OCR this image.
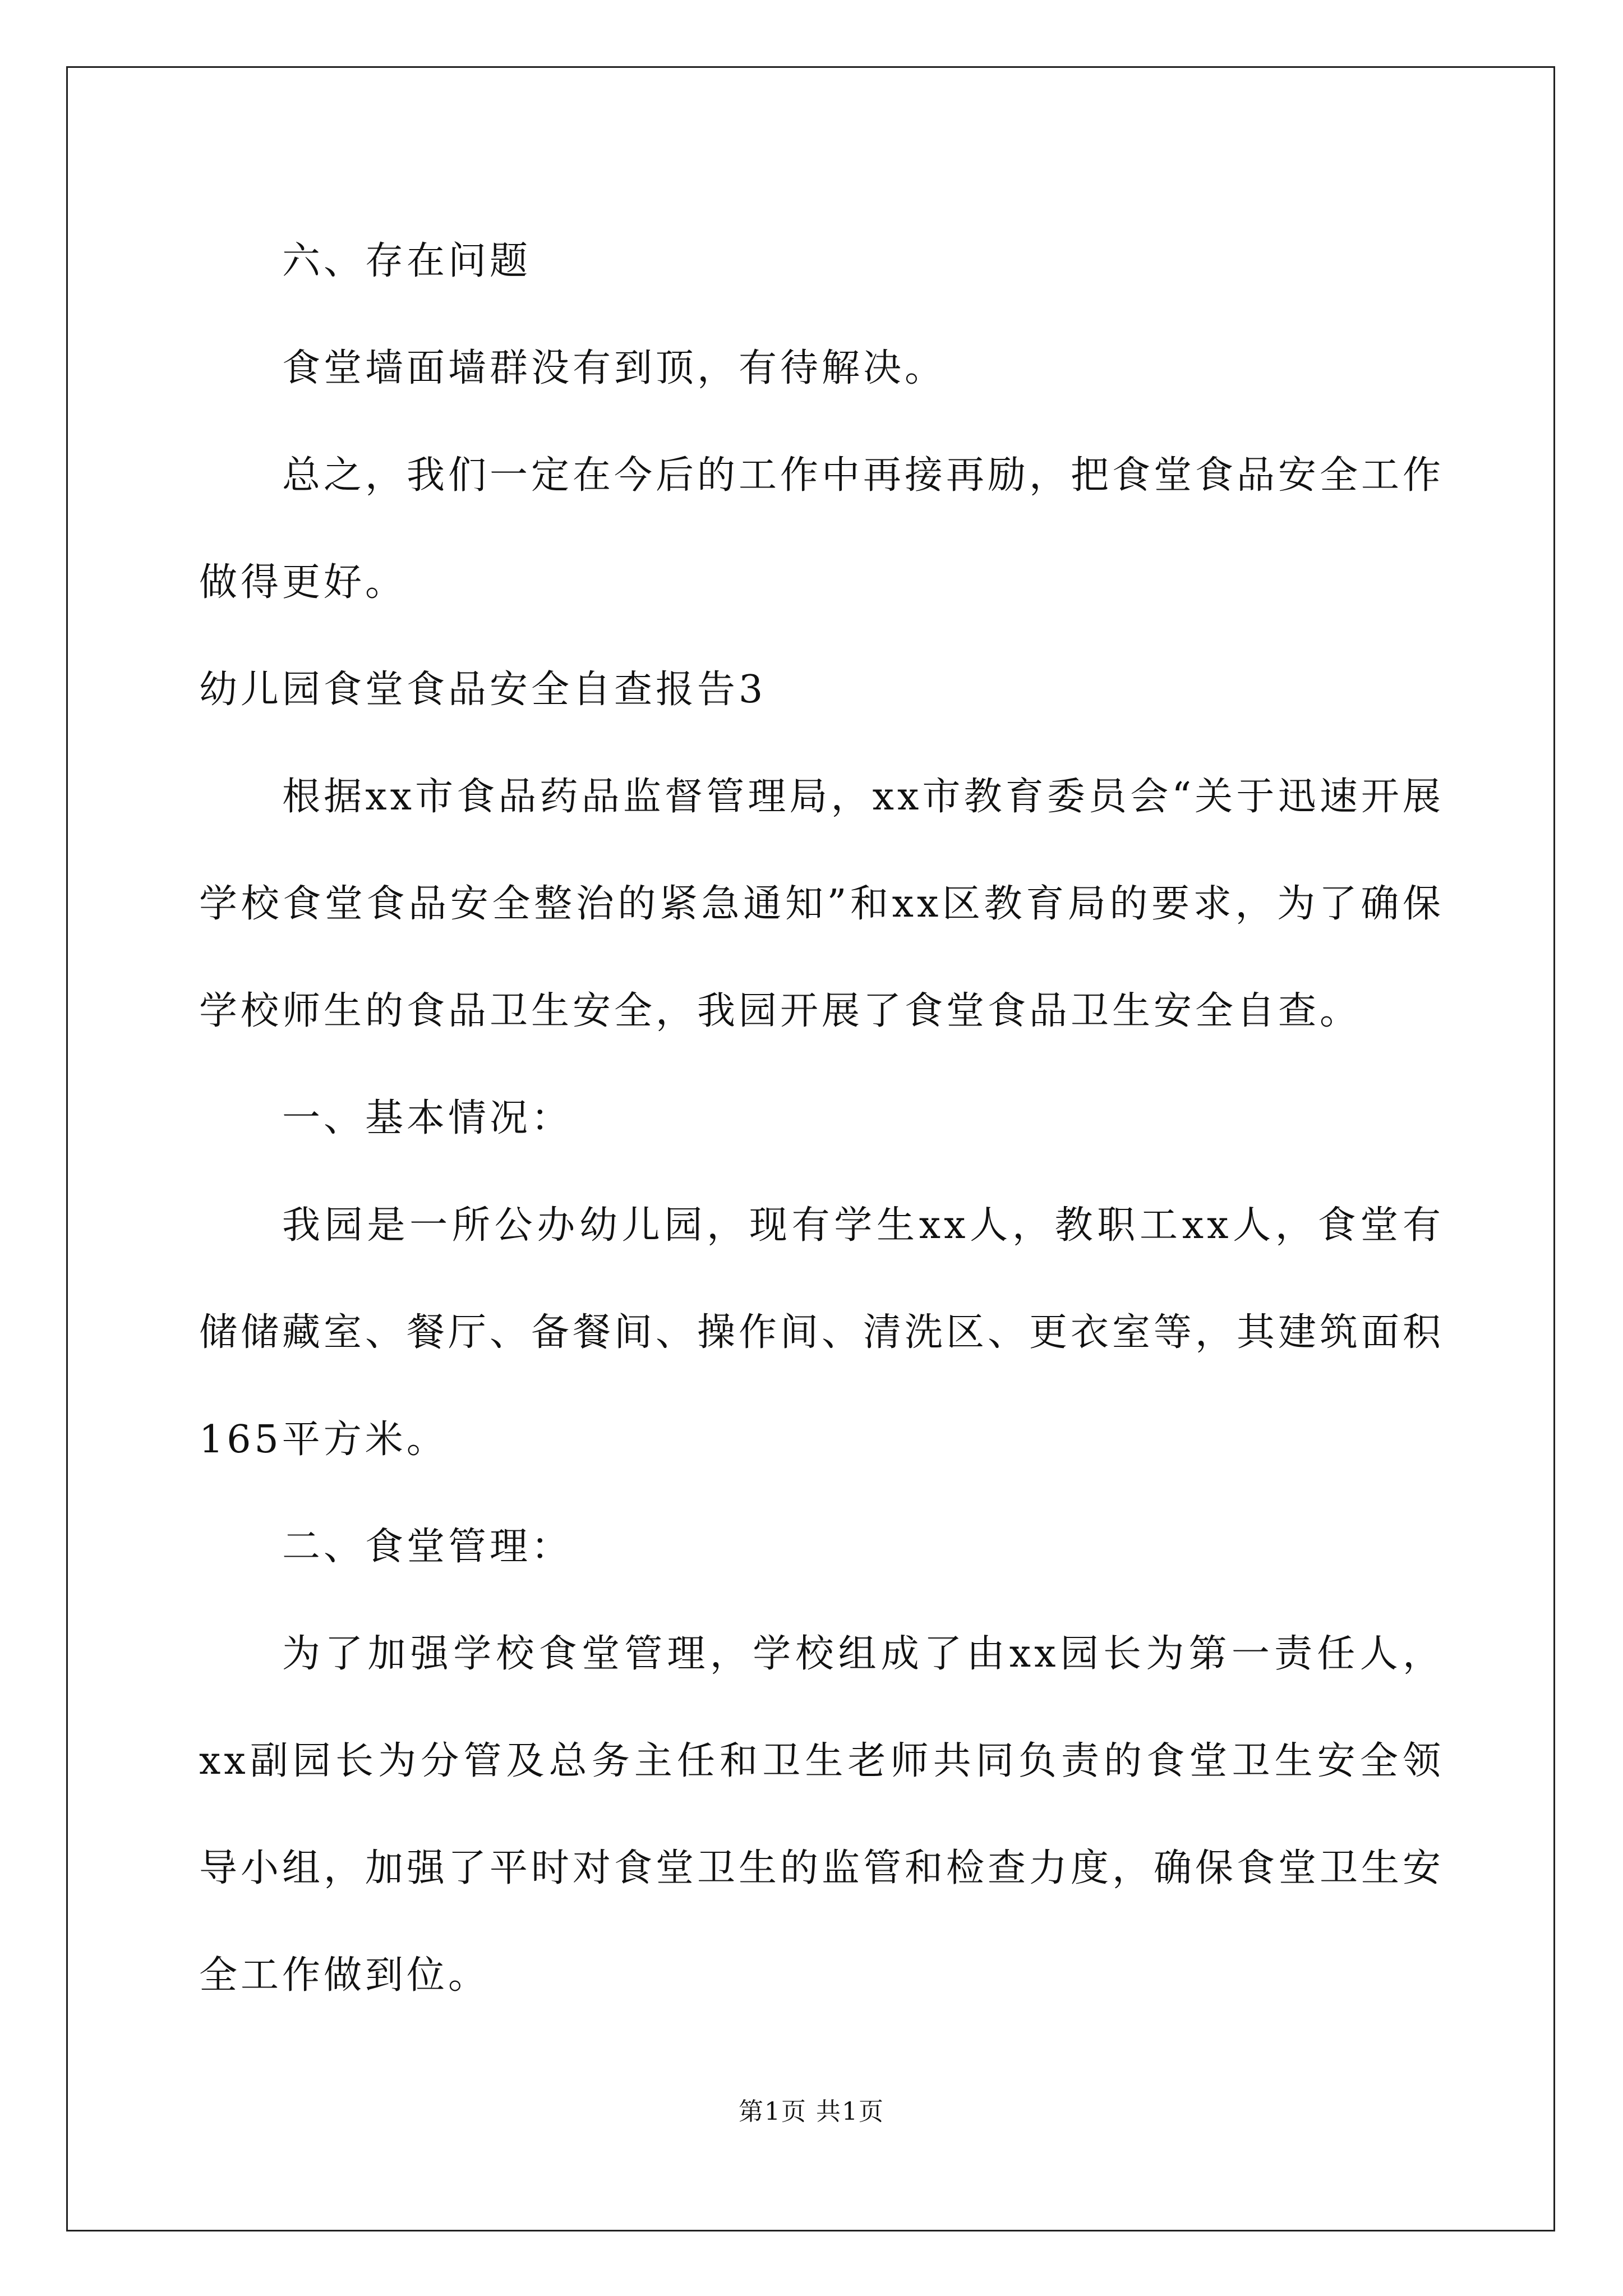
六、存在问题

食堂墙面墙群没有到顶，有待解决。

总之，我们一定在今后的工作中再接再励，把食堂食品安全工作做得更好。

幼儿园食堂食品安全自查报告3

根据xx市食品药品监督管理局，xx市教育委员会“关于迅速开展学校食堂食品安全整治的紧急通知”和xx区教育局的要求，为了确保学校师生的食品卫生安全，我园开展了食堂食品卫生安全自查。

一、基本情况：

我园是一所公办幼儿园，现有学生xx人，教职工xx人，食堂有储储藏室、餐厅、备餐间、操作间、清洗区、更衣室等，其建筑面积165平方米。

二、食堂管理：

为了加强学校食堂管理，学校组成了由xx园长为第一责任人，xx副园长为分管及总务主任和卫生老师共同负责的食堂卫生安全领导小组，加强了平时对食堂卫生的监管和检查力度，确保食堂卫生安全工作做到位。

第1页 共1页
